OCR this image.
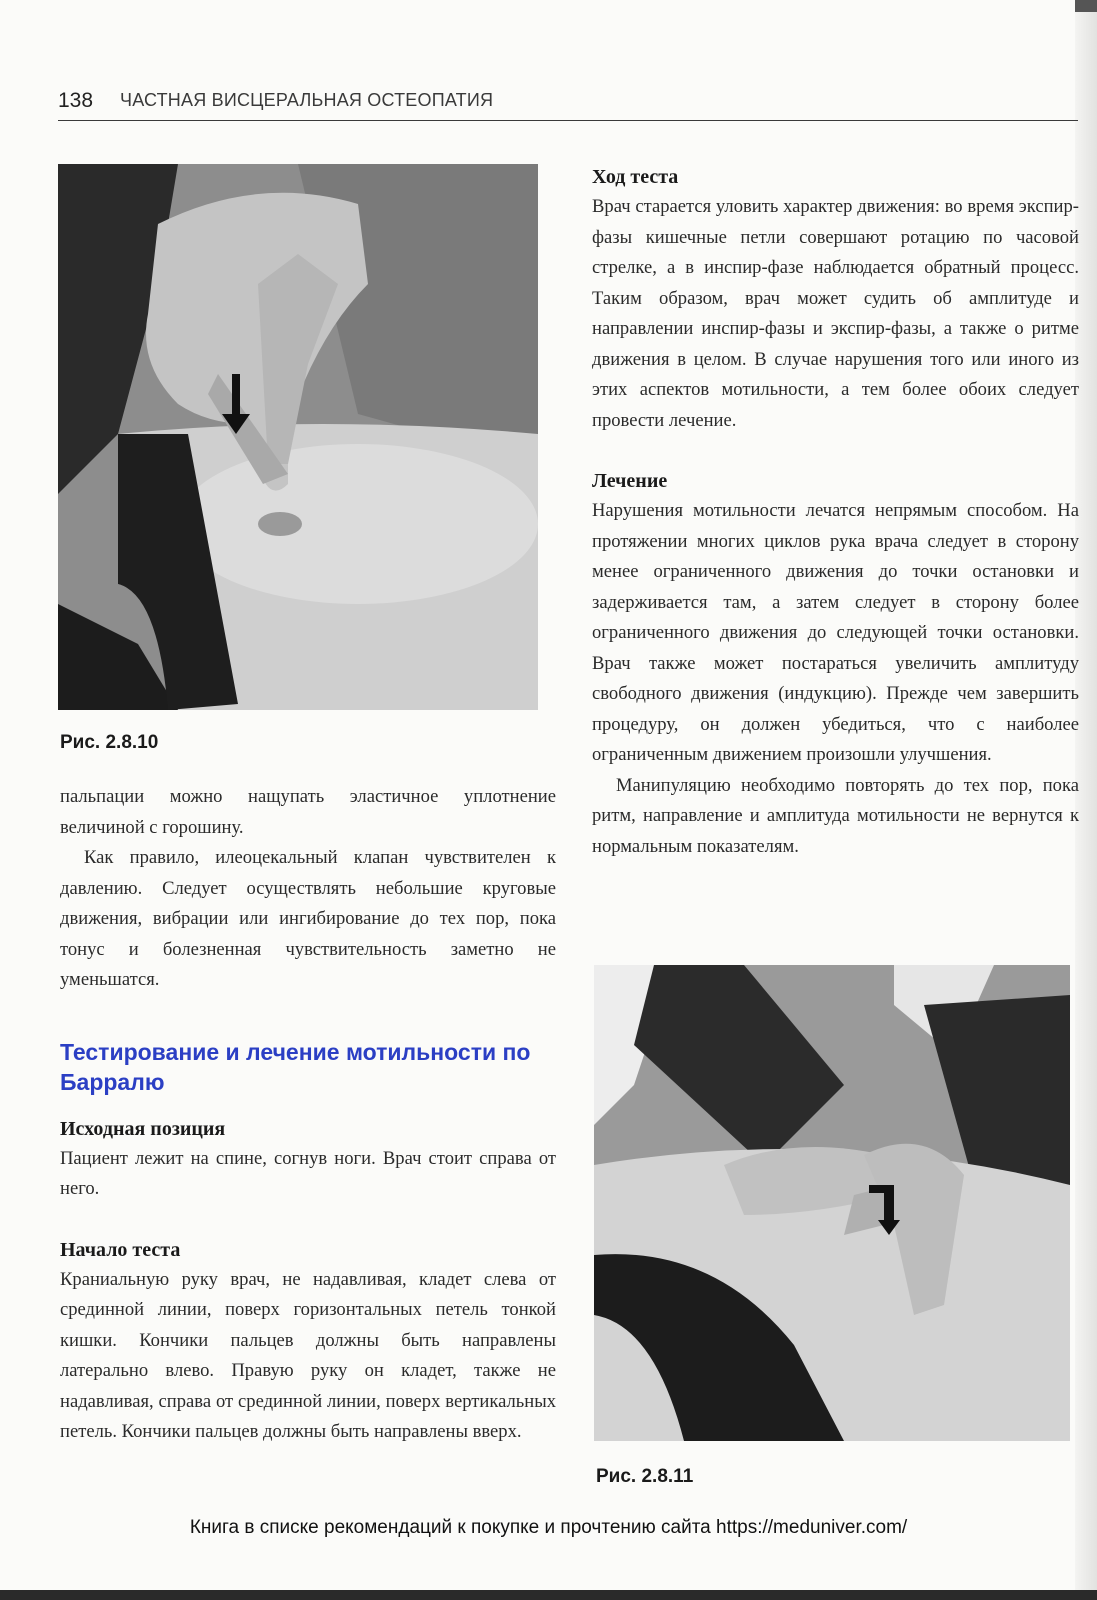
138 ЧАСТНАЯ ВИСЦЕРАЛЬНАЯ ОСТЕОПАТИЯ
Рис. 2.8.10
Рис. 2.8.11

пальпации можно нащупать эластичное уплотнение величиной с горошину.

Как правило, илеоцекальный клапан чувствителен к давлению. Следует осуществлять небольшие круговые движения, вибрации или ингибирование до тех пор, пока тонус и болезненная чувствительность заметно не уменьшатся.

Тестирование и лечение мотильности по Барралю
Исходная позиция

Пациент лежит на спине, согнув ноги. Врач стоит справа от него.

Начало теста

Краниальную руку врач, не надавливая, кладет слева от срединной линии, поверх горизонтальных петель тонкой кишки. Кончики пальцев должны быть направлены латерально влево. Правую руку он кладет, также не надавливая, справа от срединной линии, поверх вертикальных петель. Кончики пальцев должны быть направлены вверх.

Ход теста

Врач старается уловить характер движения: во время экспир-фазы кишечные петли совершают ротацию по часовой стрелке, а в инспир-фазе наблюдается обратный процесс. Таким образом, врач может судить об амплитуде и направлении инспир-фазы и экспир-фазы, а также о ритме движения в целом. В случае нарушения того или иного из этих аспектов мотильности, а тем более обоих следует провести лечение.

Лечение

Нарушения мотильности лечатся непрямым способом. На протяжении многих циклов рука врача следует в сторону менее ограниченного движения до точки остановки и задерживается там, а затем следует в сторону более ограниченного движения до следующей точки остановки. Врач также может постараться увеличить амплитуду свободного движения (индукцию). Прежде чем завершить процедуру, он должен убедиться, что с наиболее ограниченным движением произошли улучшения.

Манипуляцию необходимо повторять до тех пор, пока ритм, направление и амплитуда мотильности не вернутся к нормальным показателям.

Книга в списке рекомендаций к покупке и прочтению сайта https://meduniver.com/
